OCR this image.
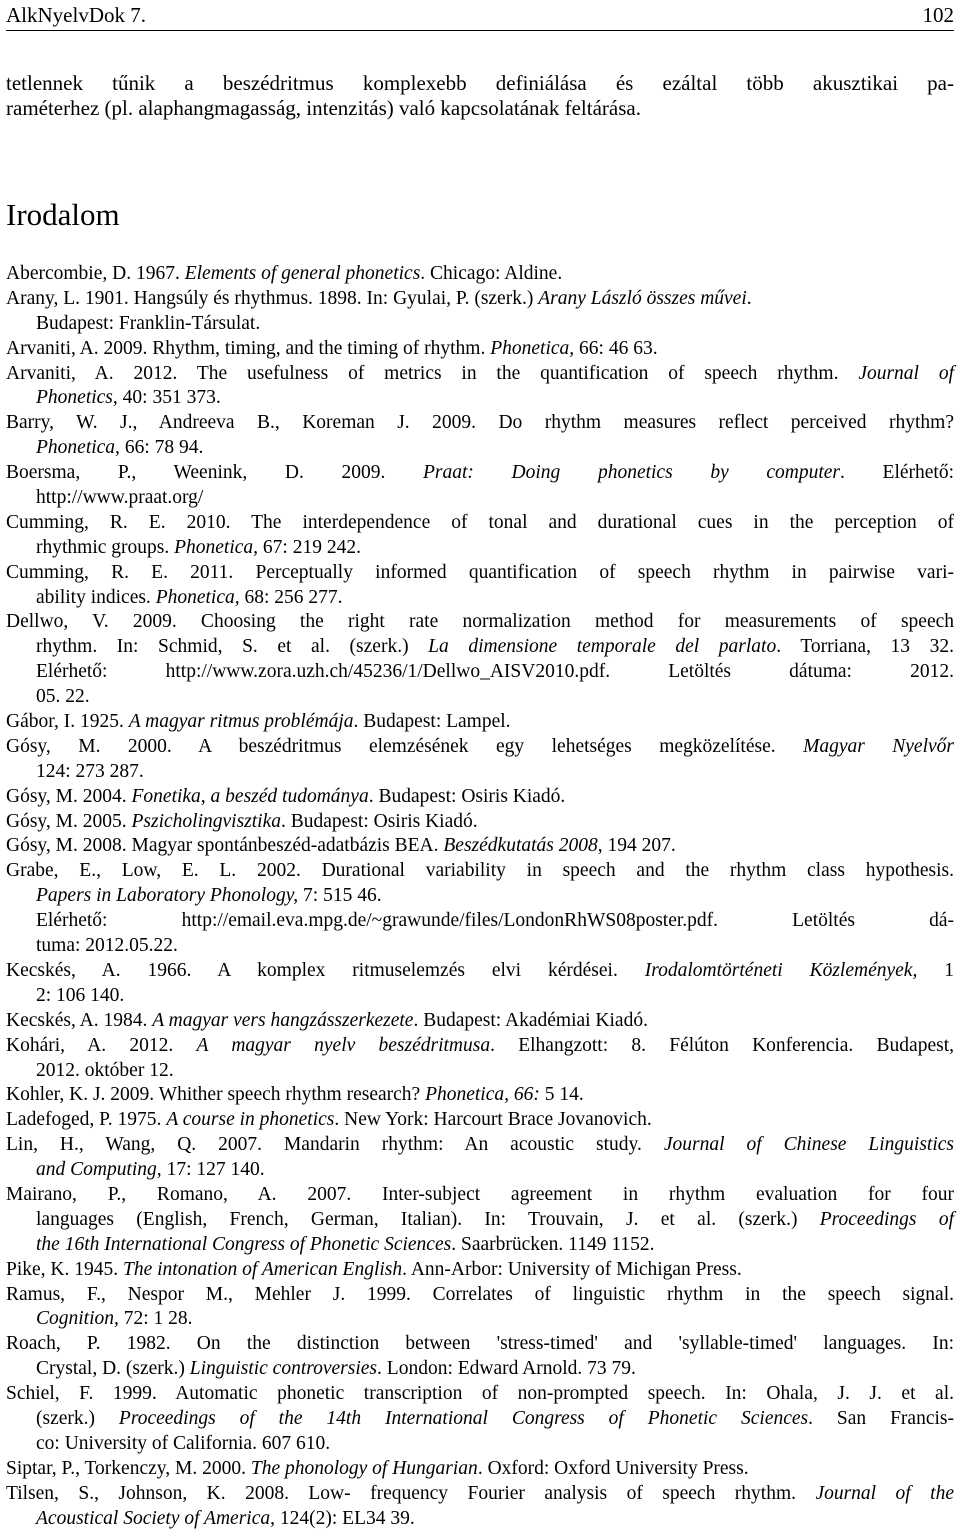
AlkNyelvDok 7.	102
tetlennek tűnik a beszédritmus komplexebb definiálása és ezáltal több akusztikai pa-
raméterhez (pl. alaphangmagasság, intenzitás) való kapcsolatának feltárása.
Irodalom
Abercombie, D. 1967. Elements of general phonetics. Chicago: Aldine.
Arany, L. 1901. Hangsúly és rhythmus. 1898. In: Gyulai, P. (szerk.) Arany László összes művei.
Budapest: Franklin-Társulat.
Arvaniti, A. 2009. Rhythm, timing, and the timing of rhythm. Phonetica, 66: 46 63.
Arvaniti, A. 2012. The usefulness of metrics in the quantification of speech rhythm. Journal of
Phonetics, 40: 351 373.
Barry, W. J., Andreeva B., Koreman J. 2009. Do rhythm measures reflect perceived rhythm?
Phonetica, 66: 78 94.
Boersma, P., Weenink, D. 2009. Praat: Doing phonetics by computer. Elérhető:
http://www.praat.org/
Cumming, R. E. 2010. The interdependence of tonal and durational cues in the perception of
rhythmic groups. Phonetica, 67: 219 242.
Cumming, R. E. 2011. Perceptually informed quantification of speech rhythm in pairwise vari-
ability indices. Phonetica, 68: 256 277.
Dellwo, V. 2009. Choosing the right rate normalization method for measurements of speech
rhythm. In: Schmid, S. et al. (szerk.) La dimensione temporale del parlato. Torriana, 13 32.
Elérhető: http://www.zora.uzh.ch/45236/1/Dellwo_AISV2010.pdf. Letöltés dátuma: 2012.
05. 22.
Gábor, I. 1925. A magyar ritmus problémája. Budapest: Lampel.
Gósy, M. 2000. A beszédritmus elemzésének egy lehetséges megközelítése. Magyar Nyelvőr
124: 273 287.
Gósy, M. 2004. Fonetika, a beszéd tudománya. Budapest: Osiris Kiadó.
Gósy, M. 2005. Pszicholingvisztika. Budapest: Osiris Kiadó.
Gósy, M. 2008. Magyar spontánbeszéd-adatbázis BEA. Beszédkutatás 2008, 194 207.
Grabe, E., Low, E. L. 2002. Durational variability in speech and the rhythm class hypothesis.
Papers in Laboratory Phonology, 7: 515 46.
Elérhető: http://email.eva.mpg.de/~grawunde/files/LondonRhWS08poster.pdf. Letöltés dá-
tuma: 2012.05.22.
Kecskés, A. 1966. A komplex ritmuselemzés elvi kérdései. Irodalomtörténeti Közlemények, 1
2: 106 140.
Kecskés, A. 1984. A magyar vers hangzásszerkezete. Budapest: Akadémiai Kiadó.
Kohári, A. 2012. A magyar nyelv beszédritmusa. Elhangzott: 8. Félúton Konferencia. Budapest,
2012. október 12.
Kohler, K. J. 2009. Whither speech rhythm research? Phonetica, 66: 5 14.
Ladefoged, P. 1975. A course in phonetics. New York: Harcourt Brace Jovanovich.
Lin, H., Wang, Q. 2007. Mandarin rhythm: An acoustic study. Journal of Chinese Linguistics
and Computing, 17: 127 140.
Mairano, P., Romano, A. 2007. Inter-subject agreement in rhythm evaluation for four
languages (English, French, German, Italian). In: Trouvain, J. et al. (szerk.) Proceedings of
the 16th International Congress of Phonetic Sciences. Saarbrücken. 1149 1152.
Pike, K. 1945. The intonation of American English. Ann-Arbor: University of Michigan Press.
Ramus, F., Nespor M., Mehler J. 1999. Correlates of linguistic rhythm in the speech signal.
Cognition, 72: 1 28.
Roach, P. 1982. On the distinction between 'stress-timed' and 'syllable-timed' languages. In:
Crystal, D. (szerk.) Linguistic controversies. London: Edward Arnold. 73 79.
Schiel, F. 1999. Automatic phonetic transcription of non-prompted speech. In: Ohala, J. J. et al.
(szerk.) Proceedings of the 14th International Congress of Phonetic Sciences. San Francis-
co: University of California. 607 610.
Siptar, P., Torkenczy, M. 2000. The phonology of Hungarian. Oxford: Oxford University Press.
Tilsen, S., Johnson, K. 2008. Low- frequency Fourier analysis of speech rhythm. Journal of the
Acoustical Society of America, 124(2): EL34 39.
